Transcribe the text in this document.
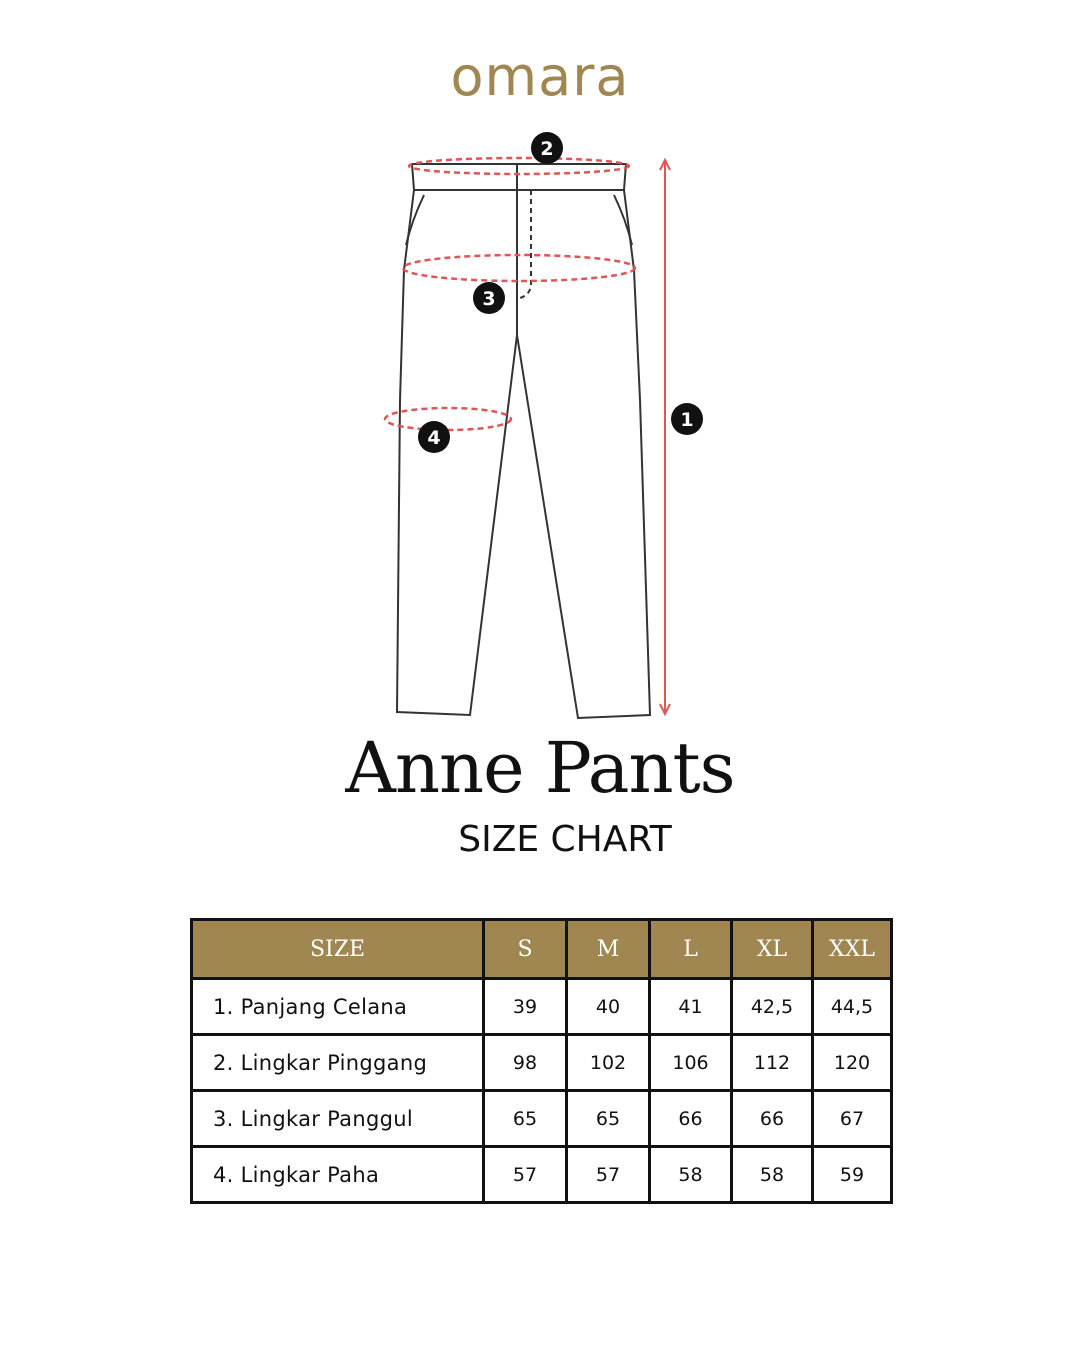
omara
1
2
3
4
Anne Pants
SIZE CHART
SIZE	S	M	L	XL	XXL
1. Panjang Celana	39	40	41	42,5	44,5
2. Lingkar Pinggang	98	102	106	112	120
3. Lingkar Panggul	65	65	66	66	67
4. Lingkar Paha	57	57	58	58	59
